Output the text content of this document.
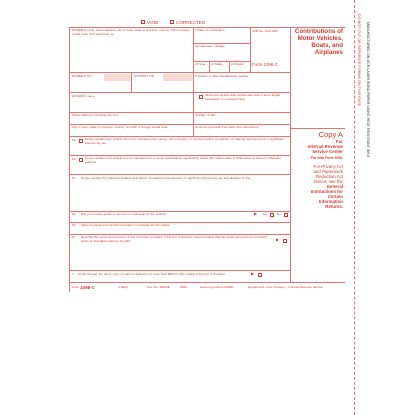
VOID	CORRECTED
DONEE'S name, street address, city or town, state or province, country, ZIP or foreign postal code, and telephone no.
1 Date of contribution	OMB No. 1545-1959
2a Odometer mileage
Form 1098-C
2b Year 2c Make	2d Model
DONEE'S TIN	DONOR'S TIN	3 Vehicle or other identification number
DONOR'S name	4a Donee certifies that vehicle was sold in arm's length transaction to unrelated party
Street address (including apt. no.)	4b Date of sale
City or town, state or province, country, and ZIP or foreign postal code	4c Gross proceeds from sale (see instructions)
5a	Donee certifies that vehicle will not be transferred for money, other property, or services before completion of material improvements or significant intervening use
5b	Donee certifies that vehicle is to be transferred to a needy individual for significantly below fair market value in furtherance of donee's charitable purpose
5c Donee certifies the following detailed description of material improvements or significant intervening use and duration of use
6a Did you provide goods or services in exchange for the vehicle?	▶ Yes	No
6b Value of goods and services provided in exchange for the vehicle
6c Describe the goods and services, if any, that were provided. If this box is checked, donee certifies that the goods and services consisted solely of intangible religious benefits	▶
7 Under the law, the donor may not claim a deduction of more than $500 for this vehicle if this box is checked	▶
Contributions of
Motor Vehicles,
Boats, and
Airplanes
Copy A
For
Internal Revenue
Service Center
File with Form 1096.
For Privacy Act
and Paperwork
Reduction Act
Notice, see the
General
Instructions for
Certain
Information
Returns.
Form 1098-C	(LREA)	Cat. No. 38623B	0063	www.irs.gov/Form1098C	Department of the Treasury - Internal Revenue Service
DO NOT CUT OR SEPARATE FORMS ON THIS PAGE MANUFACTURED ON OCR LASER BOND PAPER USING HEAT RESISTANT INKS
